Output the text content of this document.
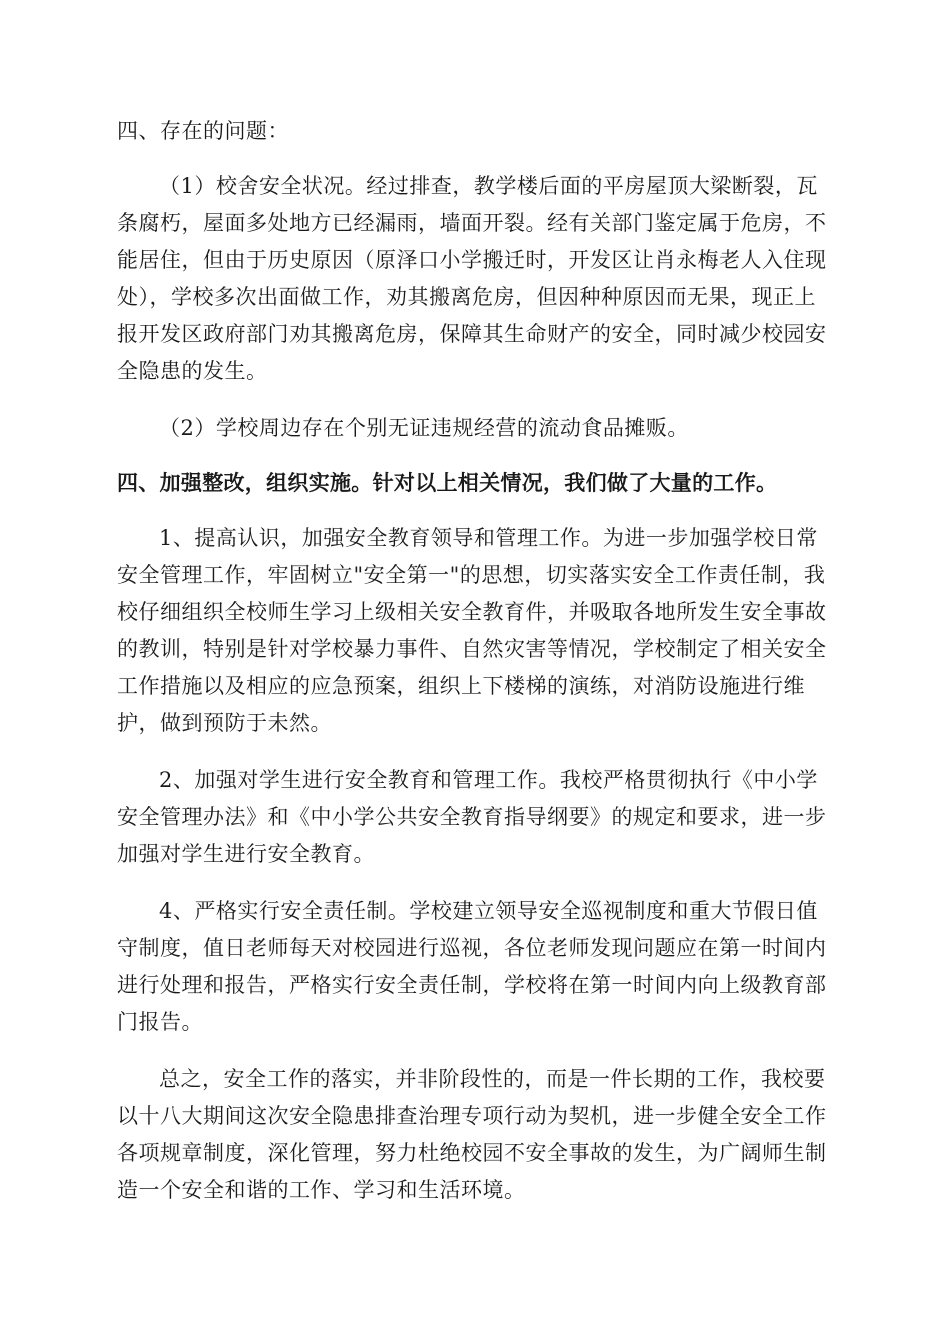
四、存在的问题：

（1）校舍安全状况。经过排查，教学楼后面的平房屋顶大梁断裂，瓦条腐朽，屋面多处地方已经漏雨，墙面开裂。经有关部门鉴定属于危房，不能居住，但由于历史原因（原泽口小学搬迁时，开发区让肖永梅老人入住现处），学校多次出面做工作，劝其搬离危房，但因种种原因而无果，现正上报开发区政府部门劝其搬离危房，保障其生命财产的安全，同时减少校园安全隐患的发生。

（2）学校周边存在个别无证违规经营的流动食品摊贩。

四、加强整改，组织实施。针对以上相关情况，我们做了大量的工作。

1、提高认识，加强安全教育领导和管理工作。为进一步加强学校日常安全管理工作，牢固树立"安全第一"的思想，切实落实安全工作责任制，我校仔细组织全校师生学习上级相关安全教育件，并吸取各地所发生安全事故的教训，特别是针对学校暴力事件、自然灾害等情况，学校制定了相关安全工作措施以及相应的应急预案，组织上下楼梯的演练，对消防设施进行维护，做到预防于未然。

2、加强对学生进行安全教育和管理工作。我校严格贯彻执行《中小学安全管理办法》和《中小学公共安全教育指导纲要》的规定和要求，进一步加强对学生进行安全教育。

4、严格实行安全责任制。学校建立领导安全巡视制度和重大节假日值守制度，值日老师每天对校园进行巡视，各位老师发现问题应在第一时间内进行处理和报告，严格实行安全责任制，学校将在第一时间内向上级教育部门报告。

总之，安全工作的落实，并非阶段性的，而是一件长期的工作，我校要以十八大期间这次安全隐患排查治理专项行动为契机，进一步健全安全工作各项规章制度，深化管理，努力杜绝校园不安全事故的发生，为广阔师生制造一个安全和谐的工作、学习和生活环境。
